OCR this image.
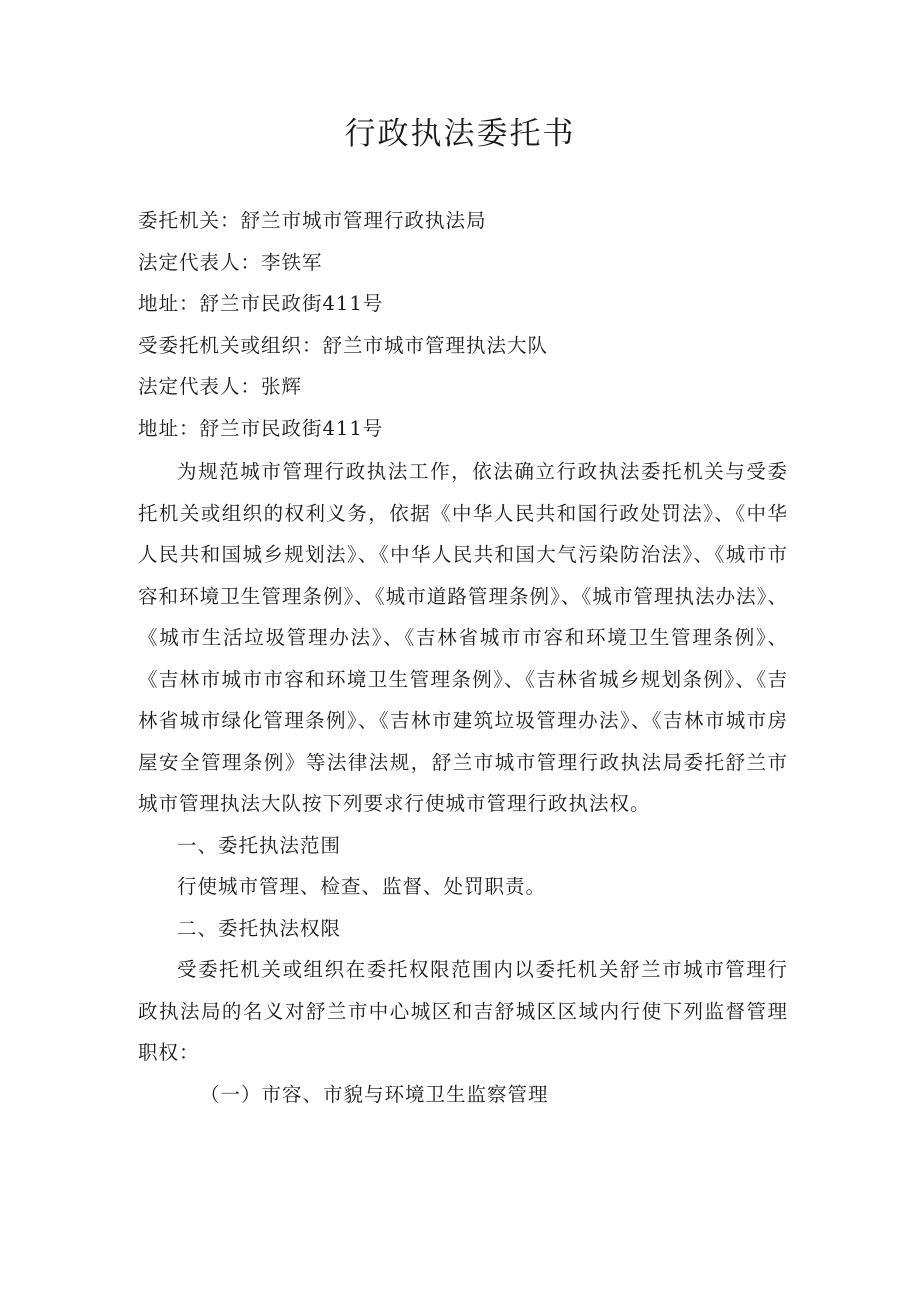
行政执法委托书
委托机关：舒兰市城市管理行政执法局
法定代表人：李铁军
地址：舒兰市民政街411号
受委托机关或组织：舒兰市城市管理执法大队
法定代表人：张辉
地址：舒兰市民政街411号

为规范城市管理行政执法工作，依法确立行政执法委托机关与受委托机关或组织的权利义务，依据《中华人民共和国行政处罚法》、《中华人民共和国城乡规划法》、《中华人民共和国大气污染防治法》、《城市市容和环境卫生管理条例》、《城市道路管理条例》、《城市管理执法办法》、《城市生活垃圾管理办法》、《吉林省城市市容和环境卫生管理条例》、《吉林市城市市容和环境卫生管理条例》、《吉林省城乡规划条例》、《吉林省城市绿化管理条例》、《吉林市建筑垃圾管理办法》、《吉林市城市房屋安全管理条例》等法律法规，舒兰市城市管理行政执法局委托舒兰市城市管理执法大队按下列要求行使城市管理行政执法权。

一、委托执法范围

行使城市管理、检查、监督、处罚职责。

二、委托执法权限

受委托机关或组织在委托权限范围内以委托机关舒兰市城市管理行政执法局的名义对舒兰市中心城区和吉舒城区区域内行使下列监督管理职权：

（一）市容、市貌与环境卫生监察管理
